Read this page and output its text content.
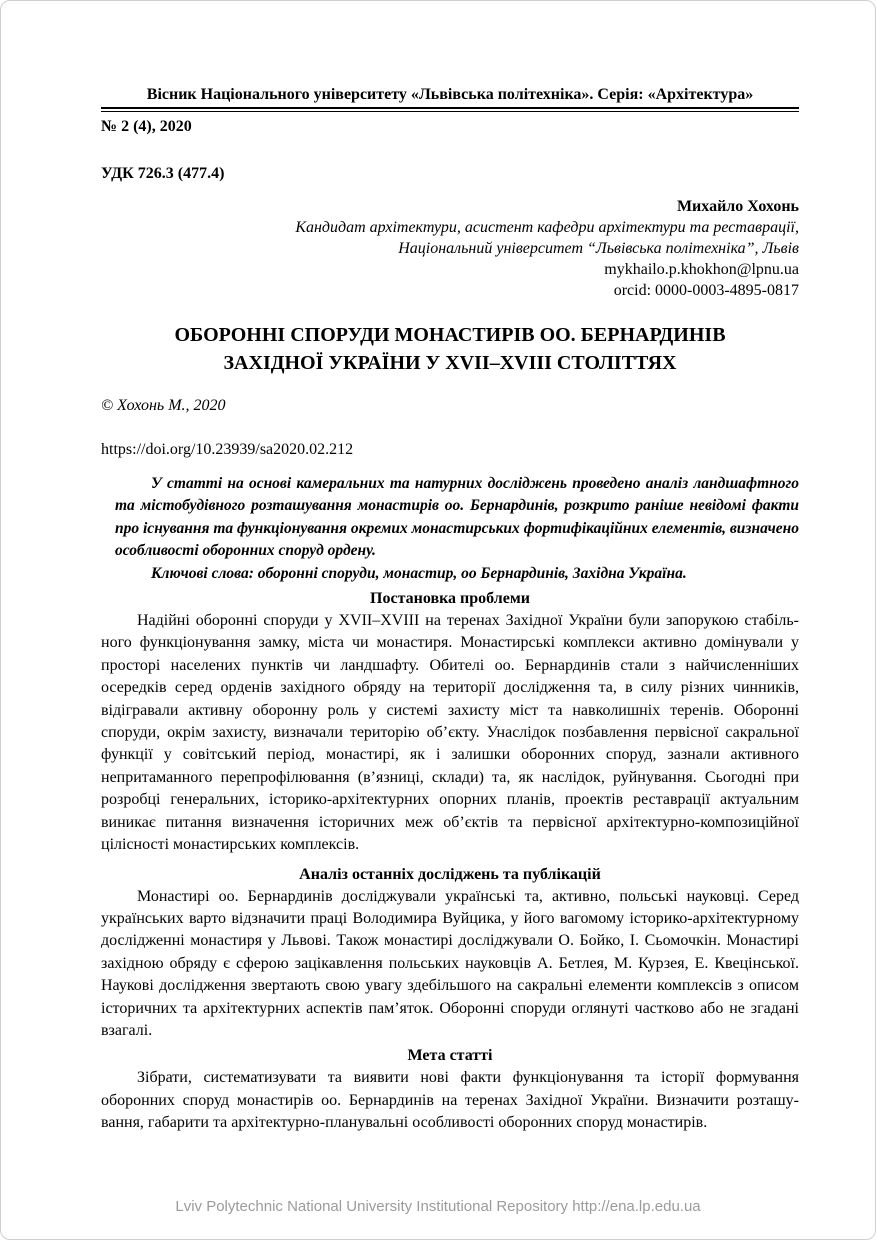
Вісник Національного університету «Львівська політехніка». Серія: «Архітектура»
№ 2 (4), 2020
УДК 726.3 (477.4)
Михайло Хохонь
Кандидат архітектури, асистент кафедри архітектури та реставрації,
Національний університет “Львівська політехніка”, Львів
mykhailo.p.khokhon@lpnu.ua
orcid: 0000-0003-4895-0817
ОБОРОННІ СПОРУДИ МОНАСТИРІВ ОО. БЕРНАРДИНІВ
ЗАХІДНОЇ УКРАЇНИ У XVII–XVIII СТОЛІТТЯХ
© Хохонь М., 2020
https://doi.org/10.23939/sa2020.02.212
У статті на основі камеральних та натурних досліджень проведено аналіз ландшафтного
та містобудівного розташування монастирів оо. Бернардинів, розкрито раніше невідомі факти
про існування та функціонування окремих монастирських фортифікаційних елементів, визначено
особливості оборонних споруд ордену.
Ключові слова: оборонні споруди, монастир, оо Бернардинів, Західна Україна.
Постановка проблеми
Надійні оборонні споруди у XVII–XVIII на теренах Західної України були запорукою стабіль-
ного функціонування замку, міста чи монастиря. Монастирські комплекси активно домінували у
просторі населених пунктів чи ландшафту. Обителі оо. Бернардинів стали з найчисленніших
осередків серед орденів західного обряду на території дослідження та, в силу різних чинників,
відігравали активну оборонну роль у системі захисту міст та навколишніх теренів. Оборонні
споруди, окрім захисту, визначали територію об’єкту. Унаслідок позбавлення первісної сакральної
функції у совітський період, монастирі, як і залишки оборонних споруд, зазнали активного
непритаманного перепрофілювання (в’язниці, склади) та, як наслідок, руйнування. Сьогодні при
розробці генеральних, історико-архітектурних опорних планів, проектів реставрації актуальним
виникає питання визначення історичних меж об’єктів та первісної архітектурно-композиційної
цілісності монастирських комплексів.
Аналіз останніх досліджень та публікацій
Монастирі оо. Бернардинів досліджували українські та, активно, польські науковці. Серед
українських варто відзначити праці Володимира Вуйцика, у його вагомому історико-архітектурному
дослідженні монастиря у Львові. Також монастирі досліджували О. Бойко, І. Сьомочкін. Монастирі
західною обряду є сферою зацікавлення польських науковців А. Бетлея, М. Курзея, Е. Квецінської.
Наукові дослідження звертають свою увагу здебільшого на сакральні елементи комплексів з описом
історичних та архітектурних аспектів пам’яток. Оборонні споруди оглянуті частково або не згадані
взагалі.
Мета статті
Зібрати, систематизувати та виявити нові факти функціонування та історії формування
оборонних споруд монастирів оо. Бернардинів на теренах Західної України. Визначити розташу-
вання, габарити та архітектурно-планувальні особливості оборонних споруд монастирів.
Lviv Polytechnic National University Institutional Repository http://ena.lp.edu.ua
